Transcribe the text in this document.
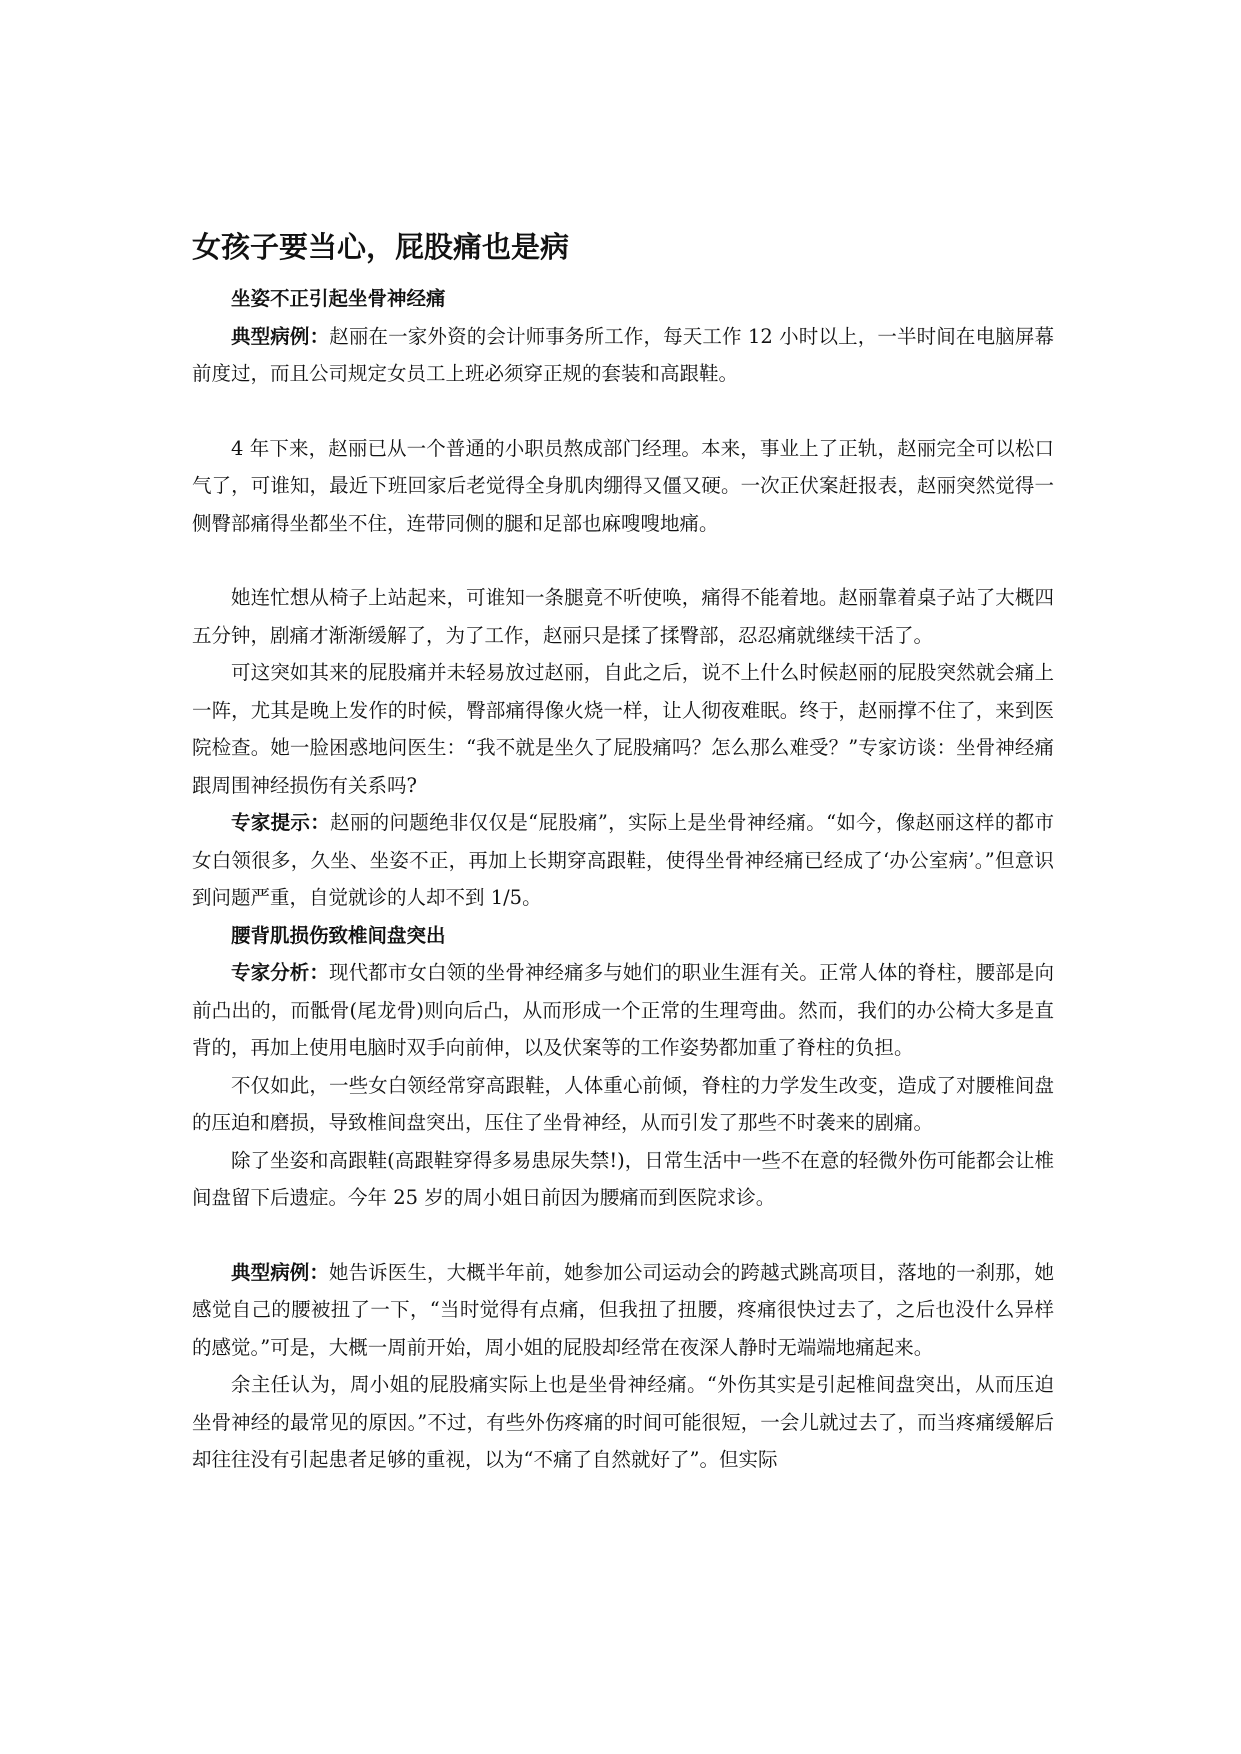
女孩子要当心，屁股痛也是病

坐姿不正引起坐骨神经痛

典型病例：赵丽在一家外资的会计师事务所工作，每天工作 12 小时以上，一半时间在电脑屏幕前度过，而且公司规定女员工上班必须穿正规的套装和高跟鞋。

4 年下来，赵丽已从一个普通的小职员熬成部门经理。本来，事业上了正轨，赵丽完全可以松口气了，可谁知，最近下班回家后老觉得全身肌肉绷得又僵又硬。一次正伏案赶报表，赵丽突然觉得一侧臀部痛得坐都坐不住，连带同侧的腿和足部也麻嗖嗖地痛。

她连忙想从椅子上站起来，可谁知一条腿竟不听使唤，痛得不能着地。赵丽靠着桌子站了大概四五分钟，剧痛才渐渐缓解了，为了工作，赵丽只是揉了揉臀部，忍忍痛就继续干活了。

可这突如其来的屁股痛并未轻易放过赵丽，自此之后，说不上什么时候赵丽的屁股突然就会痛上一阵，尤其是晚上发作的时候，臀部痛得像火烧一样，让人彻夜难眠。终于，赵丽撑不住了，来到医院检查。她一脸困惑地问医生：“我不就是坐久了屁股痛吗？怎么那么难受？”专家访谈：坐骨神经痛跟周围神经损伤有关系吗?

专家提示：赵丽的问题绝非仅仅是“屁股痛”，实际上是坐骨神经痛。“如今，像赵丽这样的都市女白领很多，久坐、坐姿不正，再加上长期穿高跟鞋，使得坐骨神经痛已经成了‘办公室病’。”但意识到问题严重，自觉就诊的人却不到 1/5。

腰背肌损伤致椎间盘突出

专家分析：现代都市女白领的坐骨神经痛多与她们的职业生涯有关。正常人体的脊柱，腰部是向前凸出的，而骶骨(尾龙骨)则向后凸，从而形成一个正常的生理弯曲。然而，我们的办公椅大多是直背的，再加上使用电脑时双手向前伸，以及伏案等的工作姿势都加重了脊柱的负担。

不仅如此，一些女白领经常穿高跟鞋，人体重心前倾，脊柱的力学发生改变，造成了对腰椎间盘的压迫和磨损，导致椎间盘突出，压住了坐骨神经，从而引发了那些不时袭来的剧痛。

除了坐姿和高跟鞋(高跟鞋穿得多易患尿失禁!)，日常生活中一些不在意的轻微外伤可能都会让椎间盘留下后遗症。今年 25 岁的周小姐日前因为腰痛而到医院求诊。

典型病例：她告诉医生，大概半年前，她参加公司运动会的跨越式跳高项目，落地的一刹那，她感觉自己的腰被扭了一下，“当时觉得有点痛，但我扭了扭腰，疼痛很快过去了，之后也没什么异样的感觉。”可是，大概一周前开始，周小姐的屁股却经常在夜深人静时无端端地痛起来。

余主任认为，周小姐的屁股痛实际上也是坐骨神经痛。“外伤其实是引起椎间盘突出，从而压迫坐骨神经的最常见的原因。”不过，有些外伤疼痛的时间可能很短，一会儿就过去了，而当疼痛缓解后却往往没有引起患者足够的重视，以为“不痛了自然就好了”。但实际
